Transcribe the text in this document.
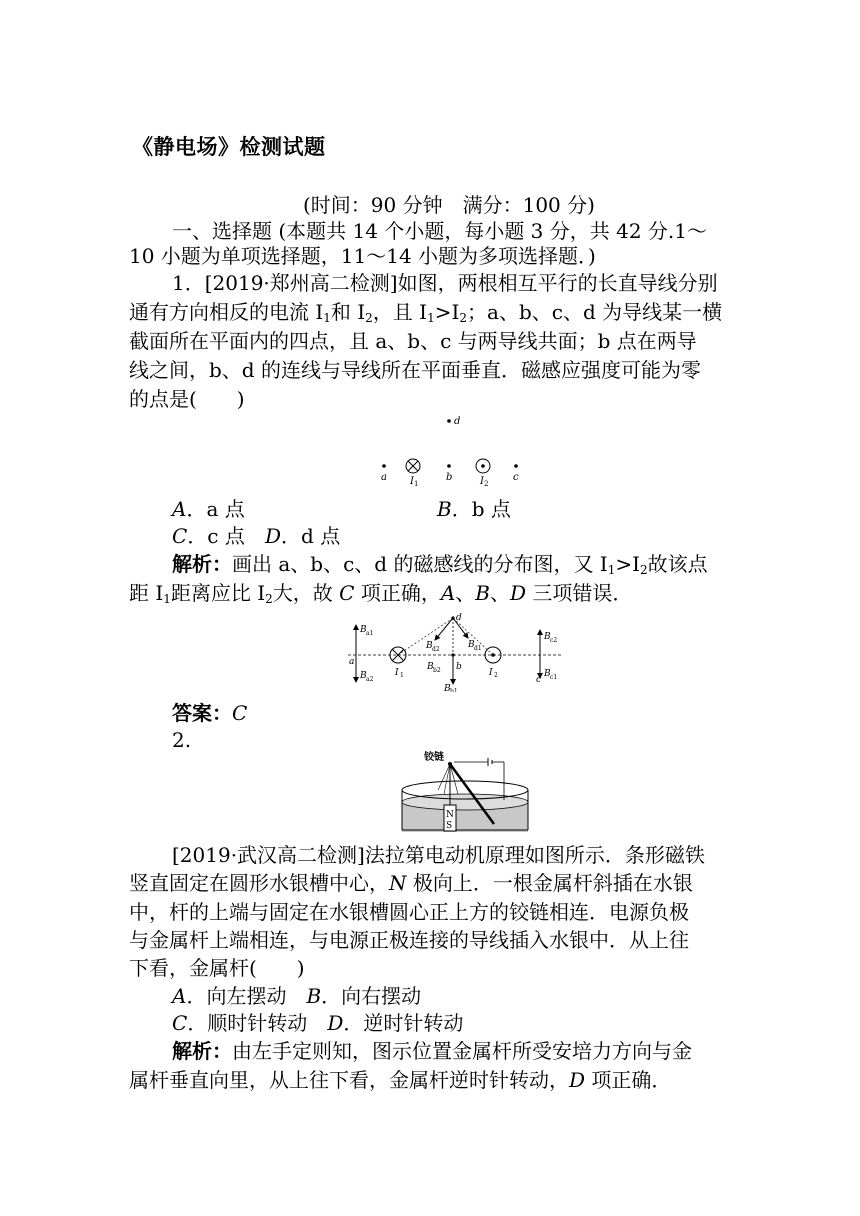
《静电场》检测试题
(时间：90 分钟　满分：100 分)
一、选择题 (本题共 14 个小题，每小题 3 分，共 42 分.1～
10 小题为单项选择题，11～14 小题为多项选择题．)
1．[2019·郑州高二检测]如图，两根相互平行的长直导线分别
通有方向相反的电流 $I_1$和 $I_2$，且 $I_1>I_2$；a、b、c、d 为导线某一横
截面所在平面内的四点，且 a、b、c 与两导线共面；b 点在两导
线之间，b、d 的连线与导线所在平面垂直．磁感应强度可能为零
的点是(　　)
d
a I 1
b	I 2
c
A．a 点	B．b 点
C．c 点 D．d 点
解析：画出 a、b、c、d 的磁感线的分布图，又 $I_1>I_2$故该点
距 $I_1$距离应比 $I_2$大，故 C 项正确，A、B、D 三项错误．
B a1
B a2
a
I 1
d
B d2	B d1
B b2 b
B b1
I 2
B c2
B c1
c
答案：C
2.
N
S
铰链
[2019·武汉高二检测]法拉第电动机原理如图所示．条形磁铁
竖直固定在圆形水银槽中心，N 极向上．一根金属杆斜插在水银
中，杆的上端与固定在水银槽圆心正上方的铰链相连．电源负极
与金属杆上端相连，与电源正极连接的导线插入水银中．从上往
下看，金属杆(　　)
A．向左摆动　B．向右摆动
C．顺时针转动　D．逆时针转动
解析：由左手定则知，图示位置金属杆所受安培力方向与金
属杆垂直向里，从上往下看，金属杆逆时针转动，D 项正确．
